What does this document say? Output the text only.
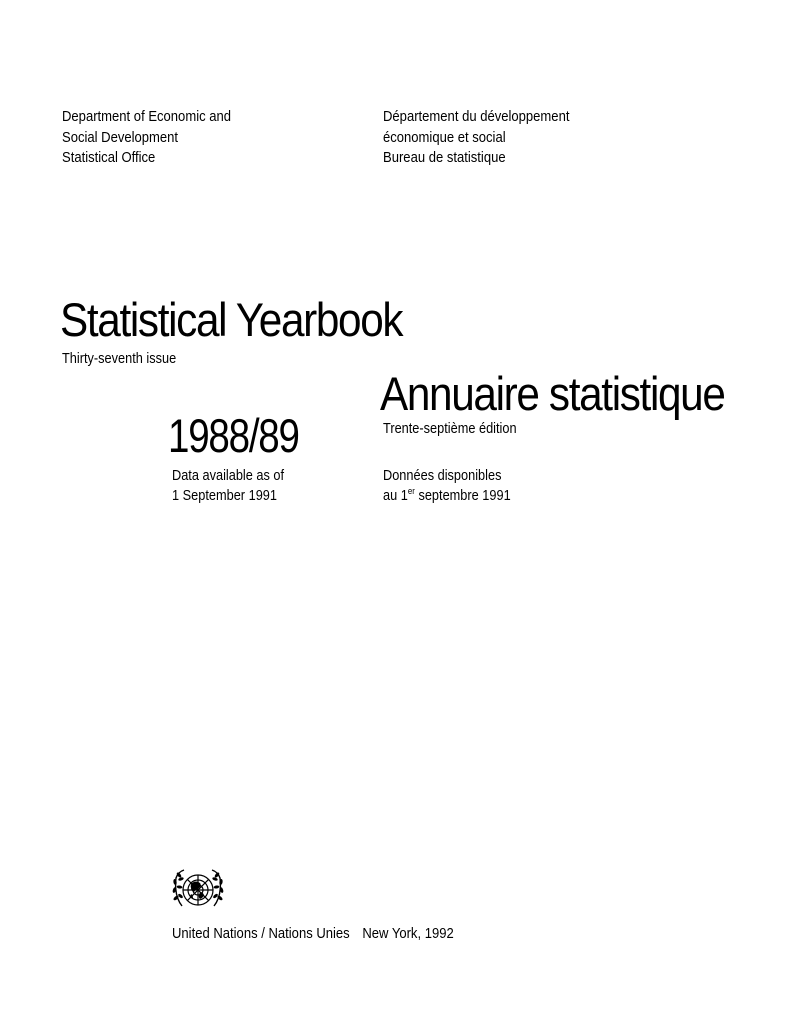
Department of Economic and
Social Development
Statistical Office
Département du développement
économique et social
Bureau de statistique
Statistical Yearbook
Thirty-seventh issue
Annuaire statistique
Trente-septième édition
1988/89
Data available as of
1 September 1991
Données disponibles
au 1er septembre 1991
United Nations / Nations Unies New York, 1992
